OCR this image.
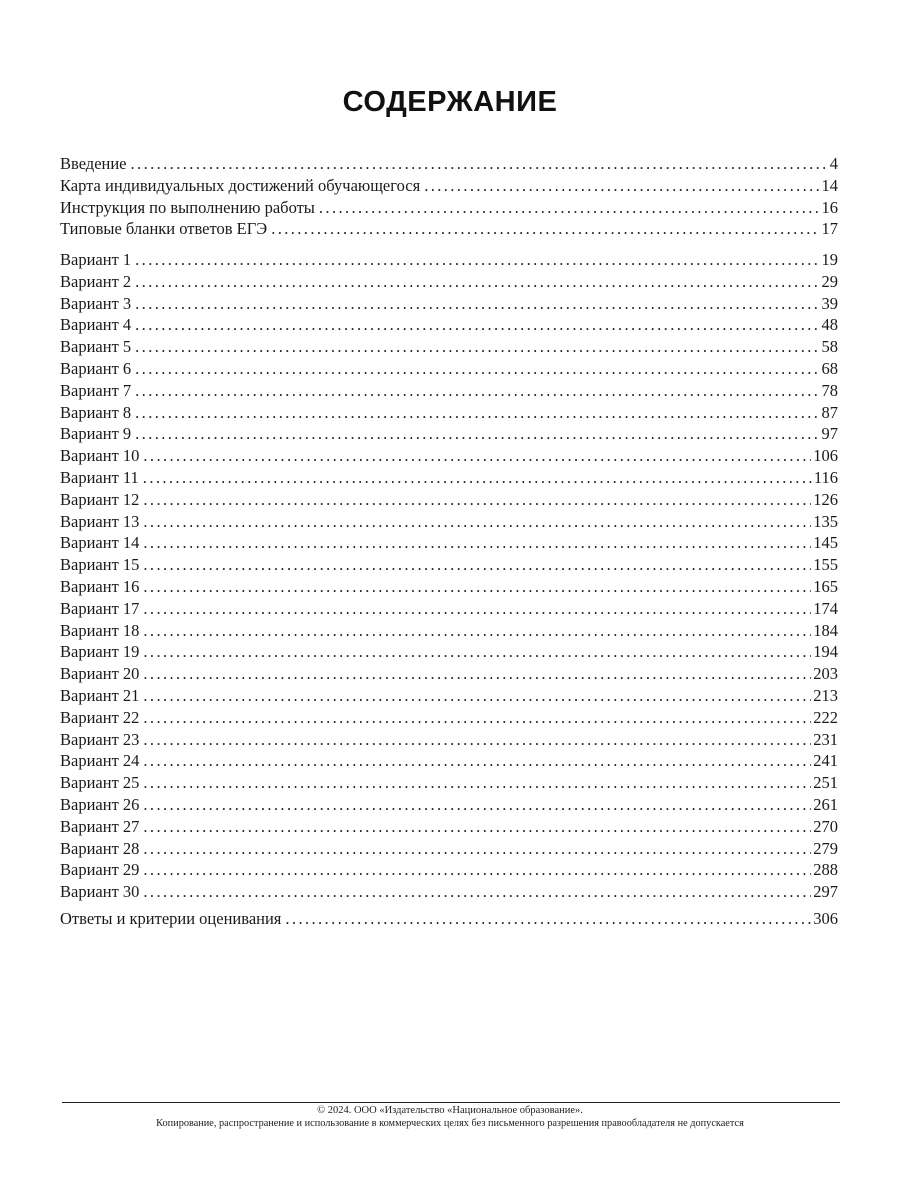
СОДЕРЖАНИЕ
Введение .....	4
Карта индивидуальных достижений обучающегося .....	14
Инструкция по выполнению работы .....	16
Типовые бланки ответов ЕГЭ .....	17
Вариант 1 .....	19
Вариант 2 .....	29
Вариант 3 .....	39
Вариант 4 .....	48
Вариант 5 .....	58
Вариант 6 .....	68
Вариант 7 .....	78
Вариант 8 .....	87
Вариант 9 .....	97
Вариант 10 .....	106
Вариант 11 .....	116
Вариант 12 .....	126
Вариант 13 .....	135
Вариант 14 .....	145
Вариант 15 .....	155
Вариант 16 .....	165
Вариант 17 .....	174
Вариант 18 .....	184
Вариант 19 .....	194
Вариант 20 .....	203
Вариант 21 .....	213
Вариант 22 .....	222
Вариант 23 .....	231
Вариант 24 .....	241
Вариант 25 .....	251
Вариант 26 .....	261
Вариант 27 .....	270
Вариант 28 .....	279
Вариант 29 .....	288
Вариант 30 .....	297
Ответы и критерии оценивания .....	306
© 2024. ООО «Издательство «Национальное образование».
Копирование, распространение и использование в коммерческих целях без письменного разрешения правообладателя не допускается
